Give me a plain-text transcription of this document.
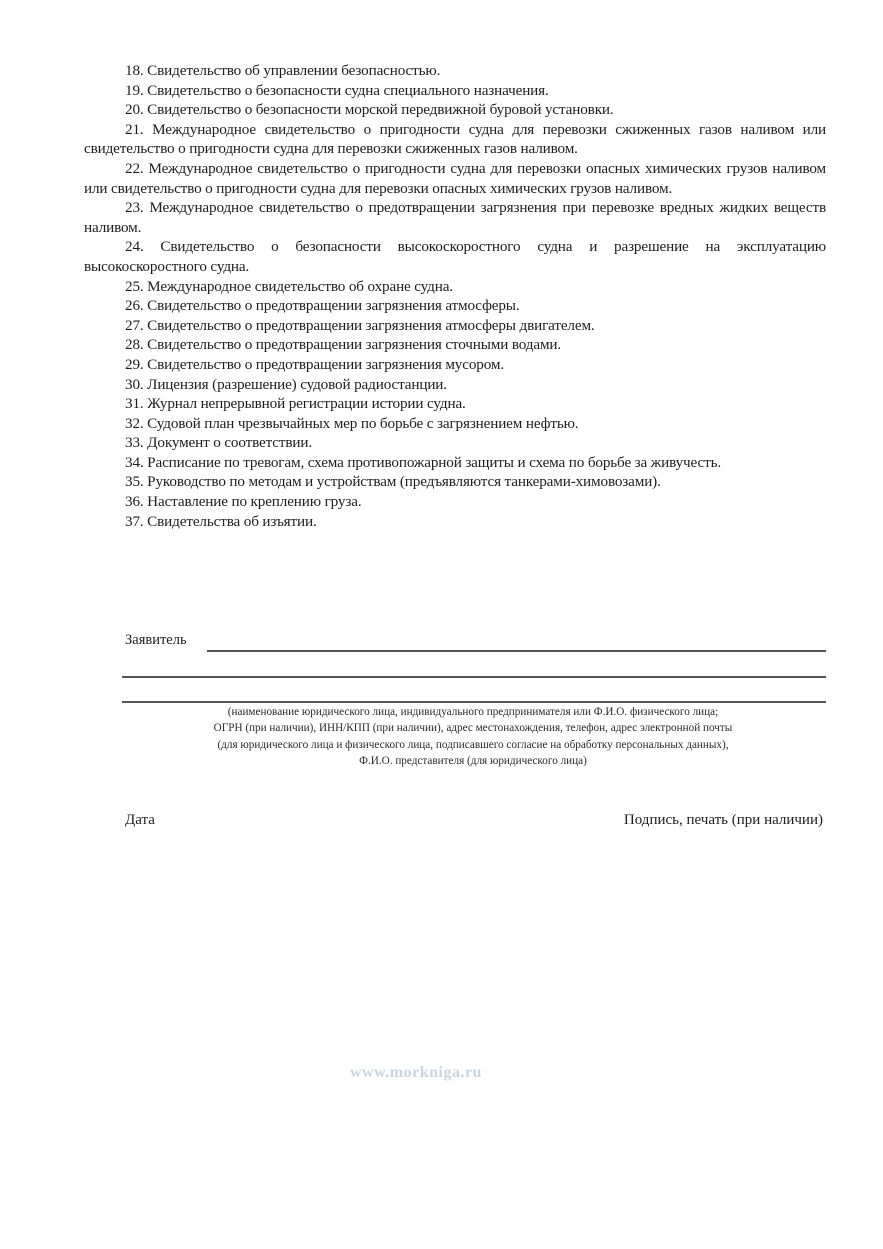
18. Свидетельство об управлении безопасностью.

19. Свидетельство о безопасности судна специального назначения.

20. Свидетельство о безопасности морской передвижной буровой установки.

21. Международное свидетельство о пригодности судна для перевозки сжиженных газов наливом или свидетельство о пригодности судна для перевозки сжиженных газов наливом.

22. Международное свидетельство о пригодности судна для перевозки опасных химических грузов наливом или свидетельство о пригодности судна для перевозки опасных химических грузов наливом.

23. Международное свидетельство о предотвращении загрязнения при перевозке вредных жидких веществ наливом.

24. Свидетельство о безопасности высокоскоростного судна и разрешение на эксплуатацию высокоскоростного судна.

25. Международное свидетельство об охране судна.

26. Свидетельство о предотвращении загрязнения атмосферы.

27. Свидетельство о предотвращении загрязнения атмосферы двигателем.

28. Свидетельство о предотвращении загрязнения сточными водами.

29. Свидетельство о предотвращении загрязнения мусором.

30. Лицензия (разрешение) судовой радиостанции.

31. Журнал непрерывной регистрации истории судна.

32. Судовой план чрезвычайных мер по борьбе с загрязнением нефтью.

33. Документ о соответствии.

34. Расписание по тревогам, схема противопожарной защиты и схема по борьбе за живучесть.

35. Руководство по методам и устройствам (предъявляются танкерами-химовозами).

36. Наставление по креплению груза.

37. Свидетельства об изъятии.

Заявитель
(наименование юридического лица, индивидуального предпринимателя или Ф.И.О. физического лица;
ОГРН (при наличии), ИНН/КПП (при наличии), адрес местонахождения, телефон, адрес электронной почты
(для юридического лица и физического лица, подписавшего согласие на обработку персональных данных),
Ф.И.О. представителя (для юридического лица)
Дата	Подпись, печать (при наличии)
www.morkniga.ru
